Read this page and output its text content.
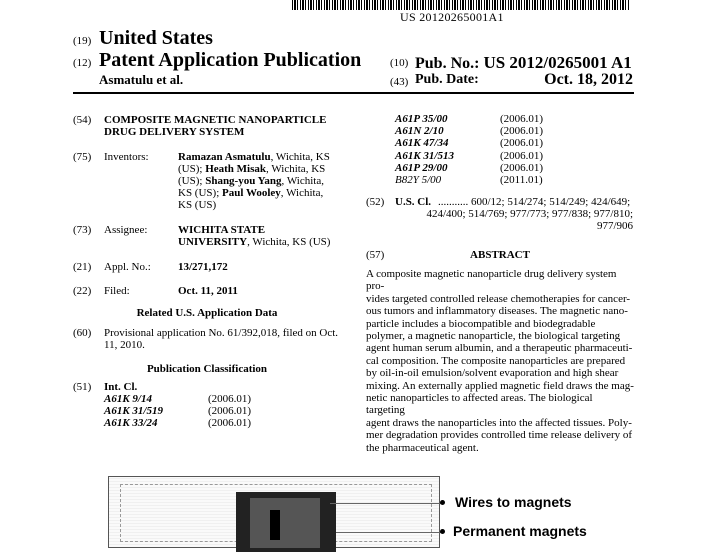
US 20120265001A1
(19) United States
(12) Patent Application Publication
Asmatulu et al.
(10) Pub. No.: US 2012/0265001 A1
(43) Pub. Date:	Oct. 18, 2012
(54) COMPOSITE MAGNETIC NANOPARTICLE
DRUG DELIVERY SYSTEM
(75) Inventors:	Ramazan Asmatulu, Wichita, KS
(US); Heath Misak, Wichita, KS
(US); Shang-you Yang, Wichita,
KS (US); Paul Wooley, Wichita,
KS (US)
(73) Assignee:	WICHITA STATE
UNIVERSITY, Wichita, KS (US)
(21) Appl. No.: 13/271,172
(22) Filed:	Oct. 11, 2011
Related U.S. Application Data
(60) Provisional application No. 61/392,018, filed on Oct.
11, 2010.
Publication Classification
(51) Int. Cl.
A61K 9/14	(2006.01)
A61K 31/519	(2006.01)
A61K 33/24	(2006.01)
A61P 35/00	(2006.01)
A61N 2/10	(2006.01)
A61K 47/34	(2006.01)
A61K 31/513	(2006.01)
A61P 29/00	(2006.01)
B82Y 5/00	(2011.01)
(52) U.S. Cl. ........... 600/12; 514/274; 514/249; 424/649;
424/400; 514/769; 977/773; 977/838; 977/810;
977/906
(57)	ABSTRACT
A composite magnetic nanoparticle drug delivery system pro-
vides targeted controlled release chemotherapies for cancer-
ous tumors and inflammatory diseases. The magnetic nano-
particle includes a biocompatible and biodegradable
polymer, a magnetic nanoparticle, the biological targeting
agent human serum albumin, and a therapeutic pharmaceuti-
cal composition. The composite nanoparticles are prepared
by oil-in-oil emulsion/solvent evaporation and high shear
mixing. An externally applied magnetic field draws the mag-
netic nanoparticles to affected areas. The biological targeting
agent draws the nanoparticles into the affected tissues. Poly-
mer degradation provides controlled time release delivery of
the pharmaceutical agent.
Wires to magnets
Permanent magnets
